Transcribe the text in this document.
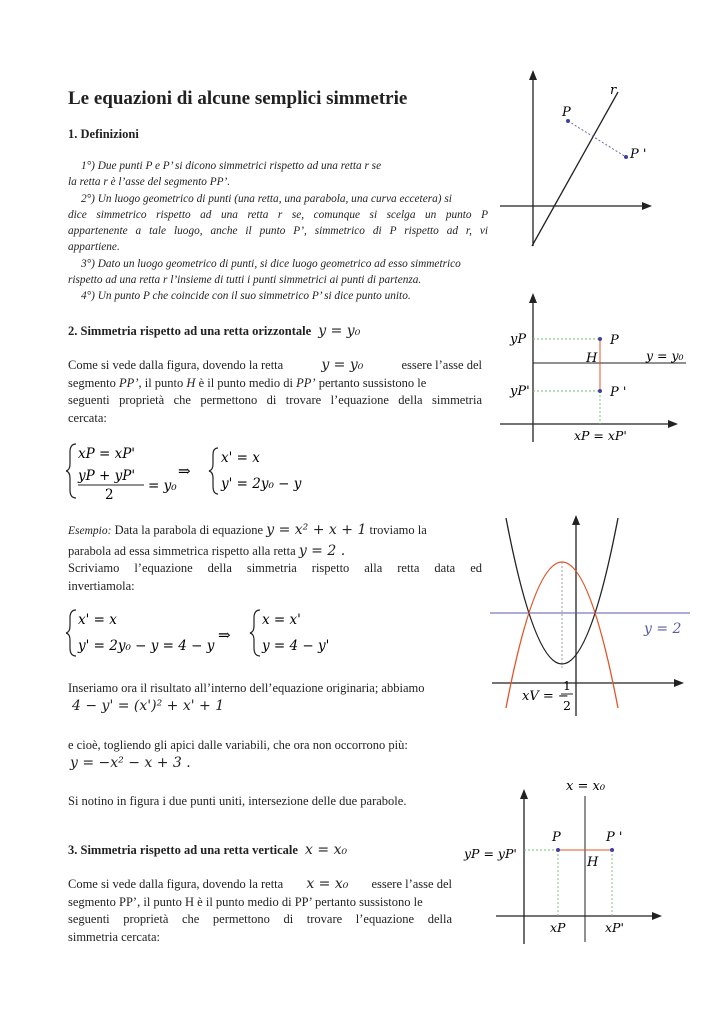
Le equazioni di alcune semplici simmetrie
1. Definizioni
1°) Due punti P e P’ si dicono simmetrici rispetto ad una retta r se
la retta r è l’asse del segmento PP’.
2°) Un luogo geometrico di punti (una retta, una parabola, una curva eccetera) si
dice simmetrico rispetto ad una retta r se, comunque si scelga un punto P
appartenente a tale luogo, anche il punto P’, simmetrico di P rispetto ad r, vi
appartiene.
3°) Dato un luogo geometrico di punti, si dice luogo geometrico ad esso simmetrico
rispetto ad una retta r l’insieme di tutti i punti simmetrici ai punti di partenza.
4°) Un punto P che coincide con il suo simmetrico P’ si dice punto unito.
2. Simmetria rispetto ad una retta orizzontale y = y₀
Come si vede dalla figura, dovendo la retta	y = y₀	essere l’asse del
segmento PP’, il punto H è il punto medio di PP’ pertanto sussistono le
seguenti proprietà che permettono di trovare l’equazione della simmetria
cercata:
xP = xP'
yP + yP'
2
= y₀
⇒
x' = x
y' = 2y₀ − y
Esempio: Data la parabola di equazione y = x² + x + 1 troviamo la
parabola ad essa simmetrica rispetto alla retta y = 2 .
Scriviamo l’equazione della simmetria rispetto alla retta data ed
invertiamola:
x' = x
y' = 2y₀ − y = 4 − y
⇒
x = x'
y = 4 − y'
Inseriamo ora il risultato all’interno dell’equazione originaria; abbiamo
4 − y' = (x')² + x' + 1
e cioè, togliendo gli apici dalle variabili, che ora non occorrono più:
y = −x² − x + 3 .
Si notino in figura i due punti uniti, intersezione delle due parabole.
3. Simmetria rispetto ad una retta verticale x = x₀
Come si vede dalla figura, dovendo la retta x = x₀ essere l’asse del
segmento PP’, il punto H è il punto medio di PP’ pertanto sussistono le
seguenti proprietà che permettono di trovare l’equazione della
simmetria cercata:
r
P
P '
yP
yP'
P
P '
H	y = y₀
xP = xP'
y = 2
xV = −
1
2
x = x₀
P	P '
H
yP = yP'
xP	xP'
